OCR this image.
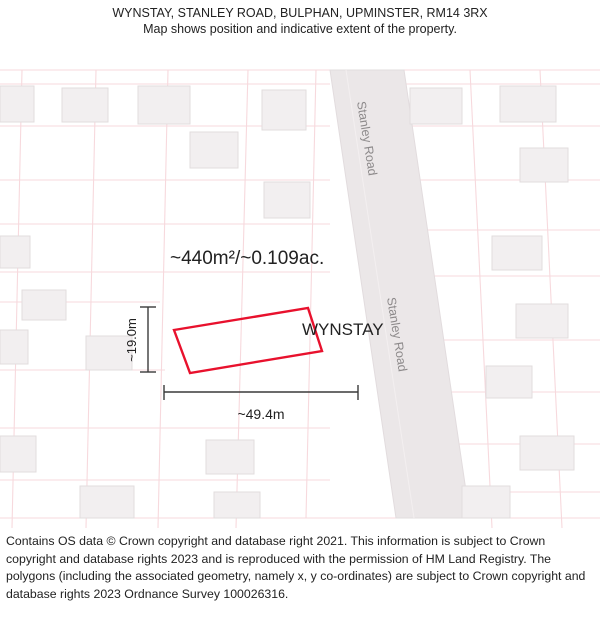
WYNSTAY, STANLEY ROAD, BULPHAN, UPMINSTER, RM14 3RX
Map shows position and indicative extent of the property.
~440m²/~0.109ac.
WYNSTAY
~19.0m
~49.4m
Stanley Road
Stanley Road

Contains OS data © Crown copyright and database right 2021. This information is subject to Crown copyright and database rights 2023 and is reproduced with the permission of HM Land Registry. The polygons (including the associated geometry, namely x, y co-ordinates) are subject to Crown copyright and database rights 2023 Ordnance Survey 100026316.
